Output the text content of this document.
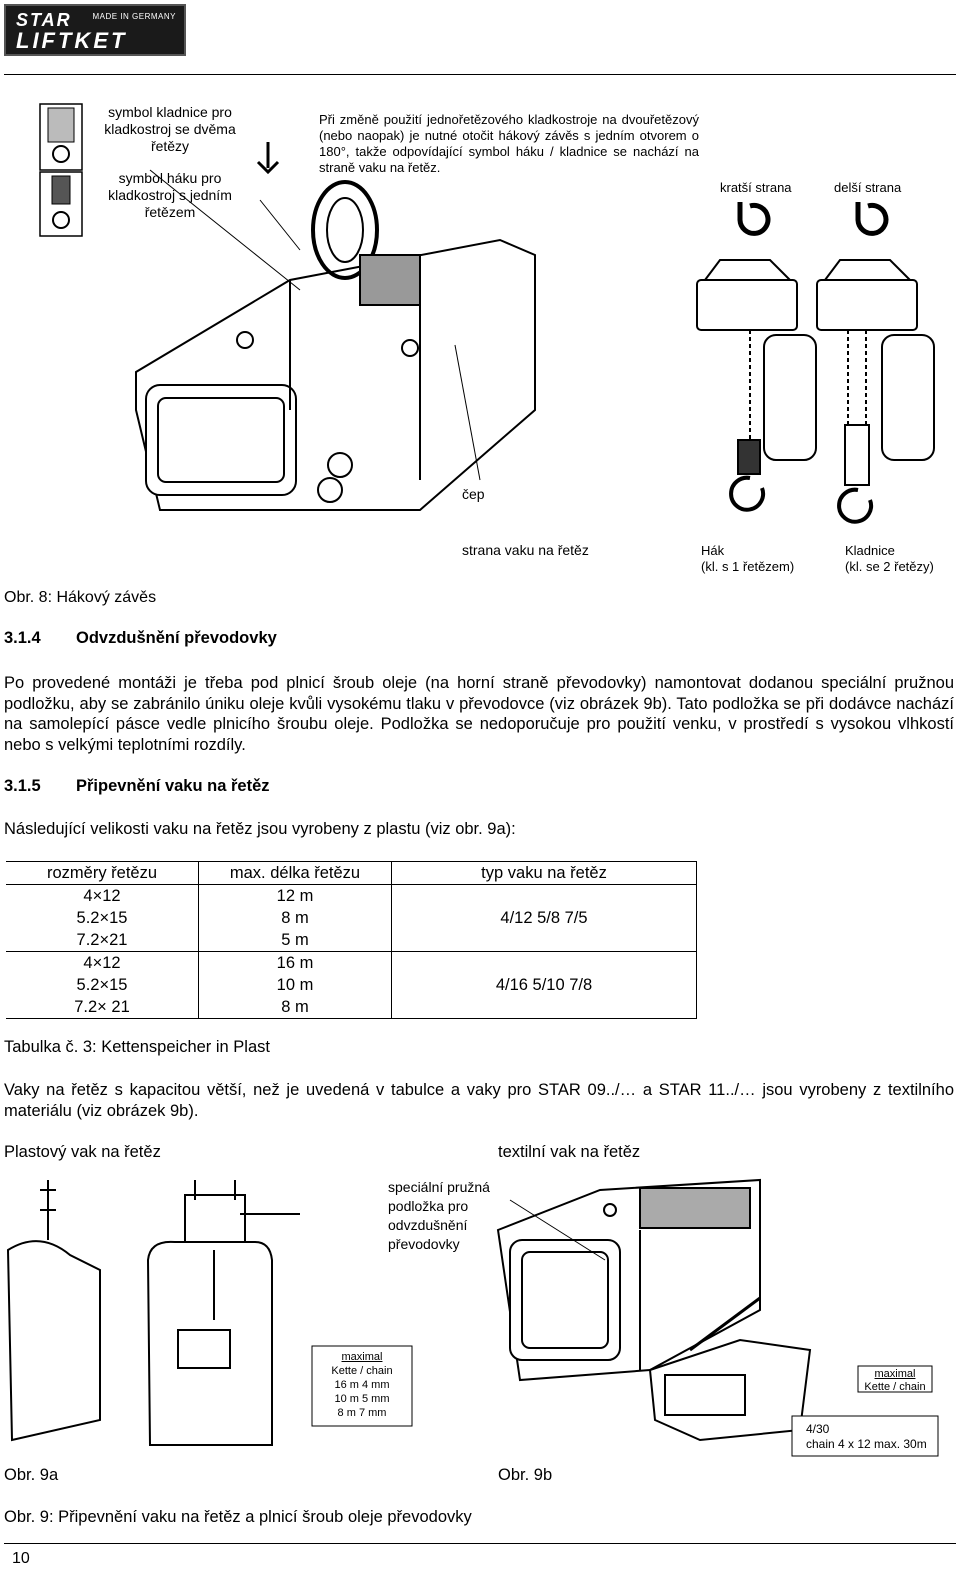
MADE IN GERMANY
STAR
LIFTKET
symbol kladnice pro kladkostroj se dvěma řetězy
symbol háku pro kladkostroj s jedním řetězem
Při změně použití jednořetězového kladkostroje na dvouřetězový (nebo naopak) je nutné otočit hákový závěs s jedním otvorem o 180°, takže odpovídající symbol háku / kladnice se nachází na straně vaku na řetěz.
kratší strana	delší strana
čep
strana vaku na řetěz	Hák
(kl. s 1 řetězem)
Kladnice
(kl. se 2 řetězy)
Obr. 8: Hákový závěs
3.1.4 Odvzdušnění převodovky
Po provedené montáži je třeba pod plnicí šroub oleje (na horní straně převodovky) namontovat dodanou speciální pružnou podložku, aby se zabránilo úniku oleje kvůli vysokému tlaku v převodovce (viz obrázek 9b). Tato podložka se při dodávce nachází na samolepící pásce vedle plnicího šroubu oleje. Podložka se nedoporučuje pro použití venku, v prostředí s vysokou vlhkostí nebo s velkými teplotními rozdíly.
3.1.5 Připevnění vaku na řetěz
Následující velikosti vaku na řetěz jsou vyrobeny z plastu (viz obr. 9a):
rozměry řetězu	max. délka řetězu	typ vaku na řetěz
4×12	12 m	4/12 5/8 7/5
5.2×15	8 m	
7.2×21	5 m	
4×12	16 m	4/16 5/10 7/8
5.2×15	10 m	
7.2× 21	8 m	
Tabulka č. 3: Kettenspeicher in Plast
Vaky na řetěz s kapacitou větší, než je uvedená v tabulce a vaky pro STAR 09../… a STAR 11../… jsou vyrobeny z textilního materiálu (viz obrázek 9b).
Plastový vak na řetěz	textilní vak na řetěz
speciální pružná podložka pro odvzdušnění převodovky
maximal
Kette / chain
16 m 4 mm
10 m 5 mm
8 m 7 mm
maximal
Kette / chain
4/30
chain 4 x 12 max. 30m
Obr. 9a	Obr. 9b
Obr. 9: Připevnění vaku na řetěz a plnicí šroub oleje převodovky
10
